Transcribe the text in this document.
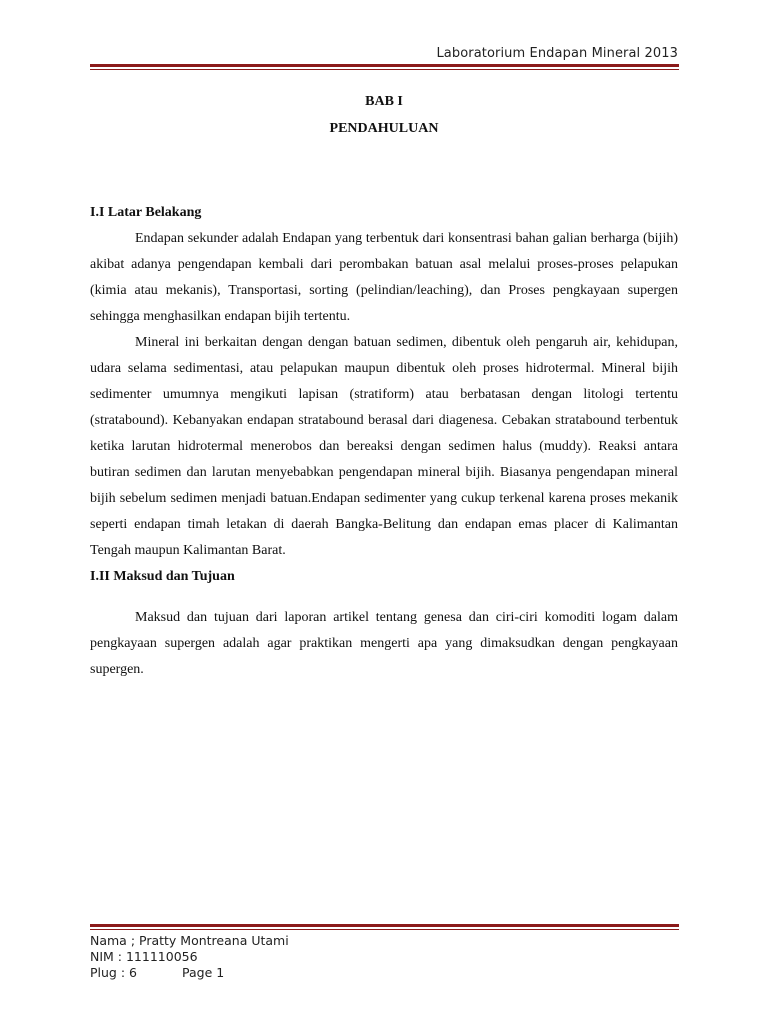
Laboratorium Endapan Mineral 2013
BAB I
PENDAHULUAN
I.I Latar Belakang

Endapan sekunder adalah Endapan yang terbentuk dari konsentrasi bahan galian berharga (bijih) akibat adanya pengendapan kembali dari perombakan batuan asal melalui proses-proses pelapukan (kimia atau mekanis), Transportasi, sorting (pelindian/leaching), dan Proses pengkayaan supergen sehingga menghasilkan endapan bijih tertentu.

Mineral ini berkaitan dengan dengan batuan sedimen, dibentuk oleh pengaruh air, kehidupan, udara selama sedimentasi, atau pelapukan maupun dibentuk oleh proses hidrotermal. Mineral bijih sedimenter umumnya mengikuti lapisan (stratiform) atau berbatasan dengan litologi tertentu (stratabound). Kebanyakan endapan stratabound berasal dari diagenesa. Cebakan stratabound terbentuk ketika larutan hidrotermal menerobos dan bereaksi dengan sedimen halus (muddy). Reaksi antara butiran sedimen dan larutan menyebabkan pengendapan mineral bijih. Biasanya pengendapan mineral bijih sebelum sedimen menjadi batuan.Endapan sedimenter yang cukup terkenal karena proses mekanik seperti endapan timah letakan di daerah Bangka-Belitung dan endapan emas placer di Kalimantan Tengah maupun Kalimantan Barat.

I.II Maksud dan Tujuan

Maksud dan tujuan dari laporan artikel tentang genesa dan ciri-ciri komoditi logam dalam pengkayaan supergen adalah agar praktikan mengerti apa yang dimaksudkan dengan pengkayaan supergen.

Nama ; Pratty Montreana Utami
NIM : 111110056
Plug : 6	Page 1
